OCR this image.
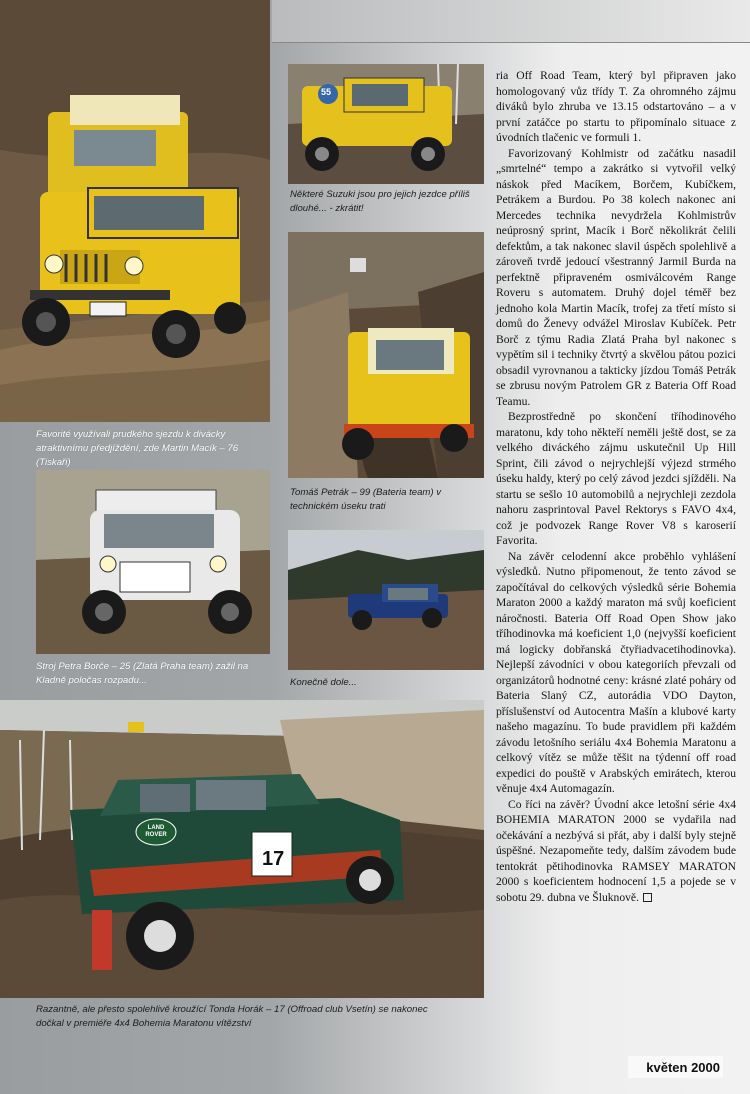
55
17
LAND ROVER
Favorité využívali prudkého sjezdu k divácky atraktivnímu předjíždění, zde Martin Macík – 76 (Tiskaři)
Některé Suzuki jsou pro jejich jezdce příliš dlouhé... - zkrátit!
Tomáš Petrák – 99 (Bateria team) v technickém úseku trati
Stroj Petra Borče – 25 (Zlatá Praha team) zažil na Kladně poločas rozpadu...	Konečně dole...
Razantně, ale přesto spolehlivě kroužící Tonda Horák – 17 (Offroad club Vsetín) se nakonec dočkal v premiéře 4x4 Bohemia Maratonu vítězství

ria Off Road Team, který byl připraven jako homologovaný vůz třídy T. Za ohromného zájmu diváků bylo zhruba ve 13.15 odstartováno – a v první zatáčce po startu to připomínalo situace z úvodních tlačenic ve formuli 1.

Favorizovaný Kohlmistr od začátku nasadil „smrtelné“ tempo a zakrátko si vytvořil velký náskok před Macíkem, Borčem, Kubíčkem, Petrákem a Burdou. Po 38 kolech nakonec ani Mercedes technika nevydržela Kohlmistrův neúprosný sprint, Macík i Borč několikrát čelili defektům, a tak nakonec slavil úspěch spolehlivě a zároveň tvrdě jedoucí všestranný Jarmil Burda na perfektně připraveném osmiválcovém Range Roveru s automatem. Druhý dojel téměř bez jednoho kola Martin Macík, trofej za třetí místo si domů do Ženevy odvážel Miroslav Kubíček. Petr Borč z týmu Radia Zlatá Praha byl nakonec s vypětím sil i techniky čtvrtý a skvělou pátou pozici obsadil vyrovnanou a takticky jízdou Tomáš Petrák se zbrusu novým Patrolem GR z Bateria Off Road Teamu.

Bezprostředně po skončení tříhodinového maratonu, kdy toho někteří neměli ještě dost, se za velkého diváckého zájmu uskutečnil Up Hill Sprint, čili závod o nejrychlejší výjezd strmého úseku haldy, který po celý závod jezdci sjížděli. Na startu se sešlo 10 automobilů a nejrychleji zezdola nahoru zasprintoval Pavel Rektorys s FAVO 4x4, což je podvozek Range Rover V8 s karoserií Favorita.

Na závěr celodenní akce proběhlo vyhlášení výsledků. Nutno připomenout, že tento závod se započítával do celkových výsledků série Bohemia Maraton 2000 a každý maraton má svůj koeficient náročnosti. Bateria Off Road Open Show jako tříhodinovka má koeficient 1,0 (nejvyšší koeficient má logicky dobřanská čtyřiadvacetihodinovka). Nejlepší závodníci v obou kategoriích převzali od organizátorů hodnotné ceny: krásné zlaté poháry od Bateria Slaný CZ, autorádia VDO Dayton, příslušenství od Autocentra Mašín a klubové karty našeho magazínu. To bude pravidlem při každém závodu letošního seriálu 4x4 Bohemia Maratonu a celkový vítěz se může těšit na týdenní off road expedici do pouště v Arabských emirátech, kterou věnuje 4x4 Automagazín.

Co říci na závěr? Úvodní akce letošní série 4x4 BOHEMIA MARATON 2000 se vydařila nad očekávání a nezbývá si přát, aby i další byly stejně úspěšné. Nezapomeňte tedy, dalším závodem bude tentokrát pětihodinovka RAMSEY MARATON 2000 s koeficientem hodnocení 1,5 a pojede se v sobotu 29. dubna ve Šluknově.

květen 2000
